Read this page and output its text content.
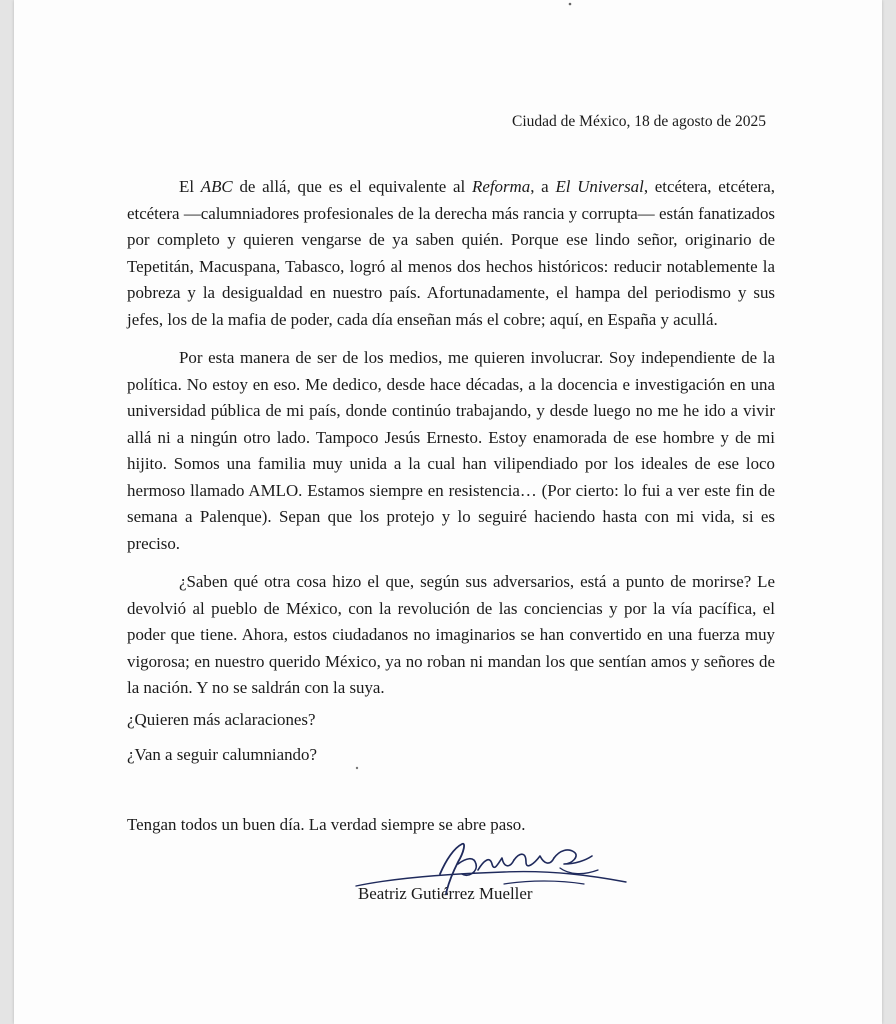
Ciudad de México, 18 de agosto de 2025

El ABC de allá, que es el equivalente al Reforma, a El Universal, etcétera, etcétera, etcétera —calumniadores profesionales de la derecha más rancia y corrupta— están fanatizados por completo y quieren vengarse de ya saben quién. Porque ese lindo señor, originario de Tepetitán, Macuspana, Tabasco, logró al menos dos hechos históricos: reducir notablemente la pobreza y la desigualdad en nuestro país. Afortunadamente, el hampa del periodismo y sus jefes, los de la mafia de poder, cada día enseñan más el cobre; aquí, en España y acullá.

Por esta manera de ser de los medios, me quieren involucrar. Soy independiente de la política. No estoy en eso. Me dedico, desde hace décadas, a la docencia e investigación en una universidad pública de mi país, donde continúo trabajando, y desde luego no me he ido a vivir allá ni a ningún otro lado. Tampoco Jesús Ernesto. Estoy enamorada de ese hombre y de mi hijito. Somos una familia muy unida a la cual han vilipendiado por los ideales de ese loco hermoso llamado AMLO. Estamos siempre en resistencia… (Por cierto: lo fui a ver este fin de semana a Palenque). Sepan que los protejo y lo seguiré haciendo hasta con mi vida, si es preciso.

¿Saben qué otra cosa hizo el que, según sus adversarios, está a punto de morirse? Le devolvió al pueblo de México, con la revolución de las conciencias y por la vía pacífica, el poder que tiene. Ahora, estos ciudadanos no imaginarios se han convertido en una fuerza muy vigorosa; en nuestro querido México, ya no roban ni mandan los que sentían amos y señores de la nación. Y no se saldrán con la suya.

¿Quieren más aclaraciones?
¿Van a seguir calumniando?
Tengan todos un buen día. La verdad siempre se abre paso.
Beatriz Gutiérrez Mueller
